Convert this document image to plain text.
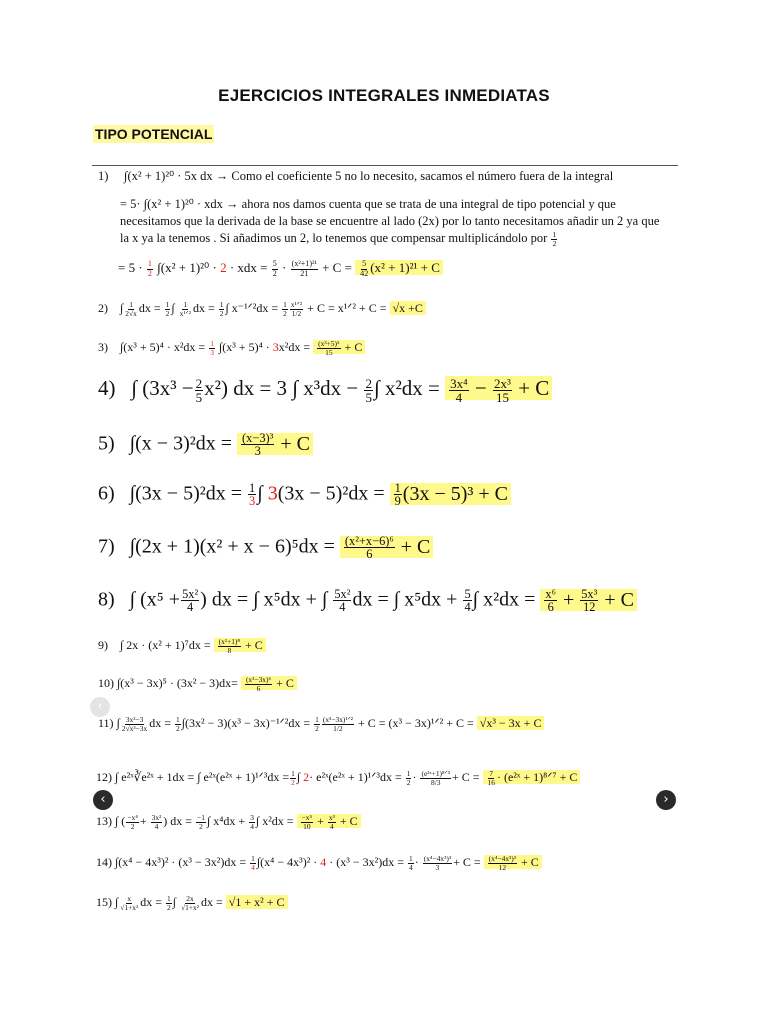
EJERCICIOS INTEGRALES INMEDIATAS
TIPO POTENCIAL
1) ∫(x² + 1)²⁰ · 5x dx → Como el coeficiente 5 no lo necesito, sacamos el número fuera de la integral
= 5· ∫(x² + 1)²⁰ · xdx → ahora nos damos cuenta que se trata de una integral de tipo potencial y que
necesitamos que la derivada de la base se encuentre al lado (2x) por lo tanto necesitamos añadir un 2 ya que
la x ya la tenemos . Si añadimos un 2, lo tenemos que compensar multiplicándolo por $\frac{1}{2}$
= $5 \cdot \frac{1}{2} \int(x^2 + 1)^{20} \cdot 2$ · xdx = $\frac{5}{2} \cdot \frac{\text{(x²+1)²¹}}{21} + C = \frac{5}{42} (x^2 + 1)^{21} + C$
2) ∫ $\frac{1}{2√x}$ dx = $\frac{1}{2}$ ∫ $\frac{1}{\text{x¹ᐟ²}}$ dx = $\frac{1}{2}$ ∫ x⁻¹ᐟ²dx = $\frac{1}{2} \frac{\text{x¹ᐟ²}}{1/2} + C$ = x¹ᐟ² + C = √x +C
3) $\int(x^3 + 5)^4 \cdot x^2dx = \frac{1}{3} \int(x^3 + 5)^4 \cdot 3x^2dx = \frac{\text{(x³+5)⁵}}{15} + C$
4) ∫ $(3x^3 - \frac{2}{5} x^2)$ dx = 3 ∫ $x^3dx - \frac{2}{5}$ ∫ $x^2dx = \frac{\text{3x⁴}}{4} - \frac{\text{2x³}}{15} + C$
5) $\int(x - 3)^2dx = \frac{\text{(x−3)³}}{3} + C$
6) $\int(3x - 5)^2dx = \frac{1}{3}$ ∫ $3(3x - 5)^2dx = \frac{1}{9} (3x - 5)^3 + C$
7) $\int(2x + 1)(x^2 + x - 6)^5dx = \frac{\text{(x²+x−6)⁶}}{6} + C$
8) ∫ ($x^5 + \frac{\text{5x²}}{4}$ ) dx = ∫ x⁵dx + ∫ $\frac{\text{5x²}}{4}$ dx = ∫ $x^5dx + \frac{5}{4}$ ∫ $x^2dx = \frac{\text{x⁶}}{6} + \frac{\text{5x³}}{12} + C$
9) ∫ $2x \cdot (x^2 + 1)^7dx = \frac{\text{(x²+1)⁸}}{8} + C$
10) $\int(x^3 - 3x)^5 \cdot (3x^2 - 3)dx= \frac{\text{(x³−3x)⁶}}{6} + C$
‹
11) ∫ $\frac{\text{3x²−3}}{\text{2√x³−3x}}$ dx = $\frac{1}{2} \int(3x^2 - 3)(x^3$ − 3x)⁻¹ᐟ²dx = $\frac{1}{2} \frac{\text{(x³−3x)¹ᐟ²}}{1/2} + C = (x^3$ − 3x)¹ᐟ² + C = √x³ − 3x + C
12) ∫ e²ˣ∛e²ˣ + 1dx = ∫ e²ˣ(e²ˣ + 1)¹ᐟ³dx = $\frac{1}{2}$ ∫ 2· e²ˣ(e²ˣ + 1)¹ᐟ³dx = $\frac{1}{2} \cdot \frac{\text{(e²ˣ+1)⁸ᐟ³}}{8/3} + C = \frac{7}{16}$ · (e²ˣ + 1)⁸ᐟ⁷ + C
‹	›
13) ∫ ( $\frac{\text{−x⁴}}{2} + \frac{\text{3x²}}{4}$ ) dx = $\frac{-1}{2}$ ∫ $x^4dx + \frac{3}{4}$ ∫ $x^2dx = \frac{\text{−x⁵}}{10} + \frac{\text{x³}}{4} + C$
14) $\int(x^4 - 4x^3)^2 \cdot (x^3 - 3x^2)dx = \frac{1}{4} \int(x^4 - 4x^3)^2 \cdot 4 \cdot (x^3 - 3x^2)dx = \frac{1}{4} \cdot \frac{\text{(x⁴−4x³)³}}{3} + C = \frac{\text{(x⁴−4x³)³}}{12} + C$
15) ∫ $\frac{x}{\text{√1+x²}}$ dx = $\frac{1}{2}$ ∫ $\frac{2x}{\text{√1+x²}}$ dx = √1 + x² + C
